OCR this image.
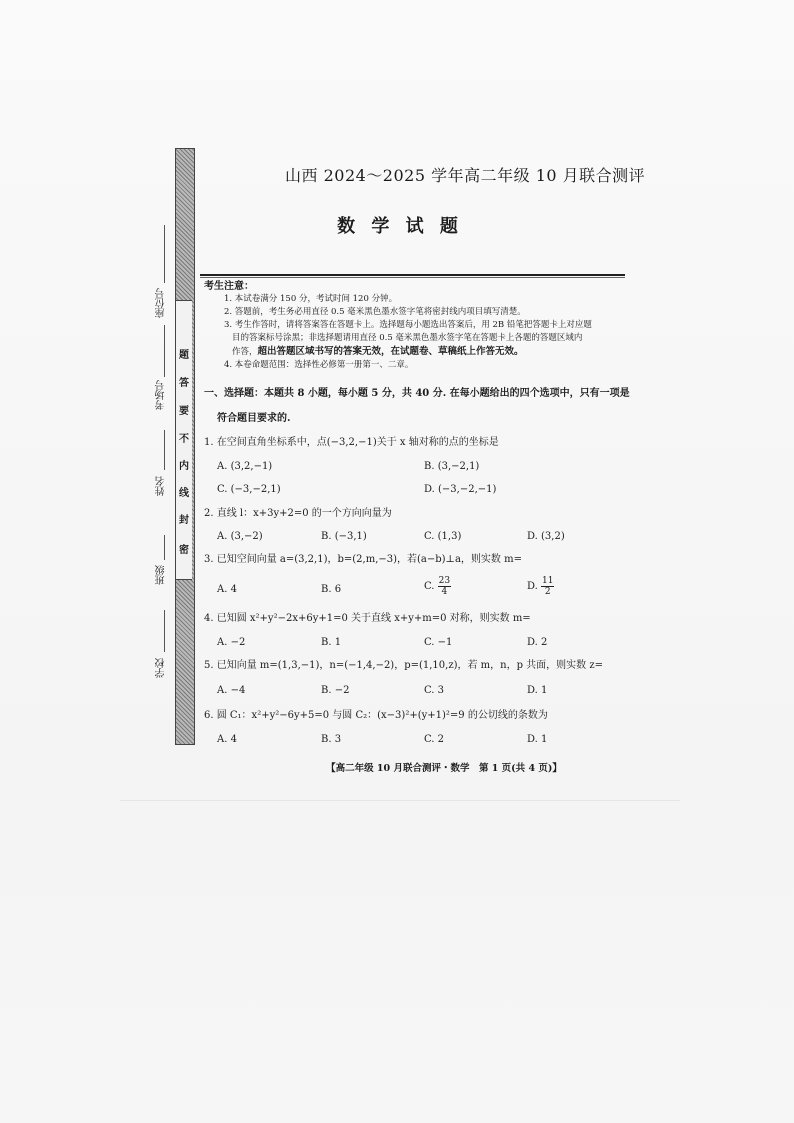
密
封
线
内
不
要
答
题
座位号
考场号
姓名
班级
学校
山西 2024～2025 学年高二年级 10 月联合测评
数 学 试 题
考生注意：
1. 本试卷满分 150 分，考试时间 120 分钟。
2. 答题前，考生务必用直径 0.5 毫米黑色墨水签字笔将密封线内项目填写清楚。
3. 考生作答时，请将答案答在答题卡上。选择题每小题选出答案后，用 2B 铅笔把答题卡上对应题
目的答案标号涂黑；非选择题请用直径 0.5 毫米黑色墨水签字笔在答题卡上各题的答题区域内
作答，超出答题区域书写的答案无效，在试题卷、草稿纸上作答无效。
4. 本卷命题范围：选择性必修第一册第一、二章。
一、选择题：本题共 8 小题，每小题 5 分，共 40 分. 在每小题给出的四个选项中，只有一项是
符合题目要求的.
1. 在空间直角坐标系中，点(−3,2,−1)关于 x 轴对称的点的坐标是
A. (3,2,−1)	B. (3,−2,1)
C. (−3,−2,1)	D. (−3,−2,−1)
2. 直线 l：x+3y+2=0 的一个方向向量为
A. (3,−2)	B. (−3,1)	C. (1,3)	D. (3,2)
3. 已知空间向量 a=(3,2,1)，b=(2,m,−3)，若(a−b)⊥a，则实数 m=
A. 4	B. 6	C. $\frac{23}{4}$	D. $\frac{11}{2}$
4. 已知圆 x²+y²−2x+6y+1=0 关于直线 x+y+m=0 对称，则实数 m=
A. −2	B. 1	C. −1	D. 2
5. 已知向量 m=(1,3,−1)，n=(−1,4,−2)，p=(1,10,z)，若 m，n，p 共面，则实数 z=
A. −4	B. −2	C. 3	D. 1
6. 圆 C₁：x²+y²−6y+5=0 与圆 C₂：(x−3)²+(y+1)²=9 的公切线的条数为
A. 4	B. 3	C. 2	D. 1
【高二年级 10 月联合测评・数学　第 1 页(共 4 页)】
